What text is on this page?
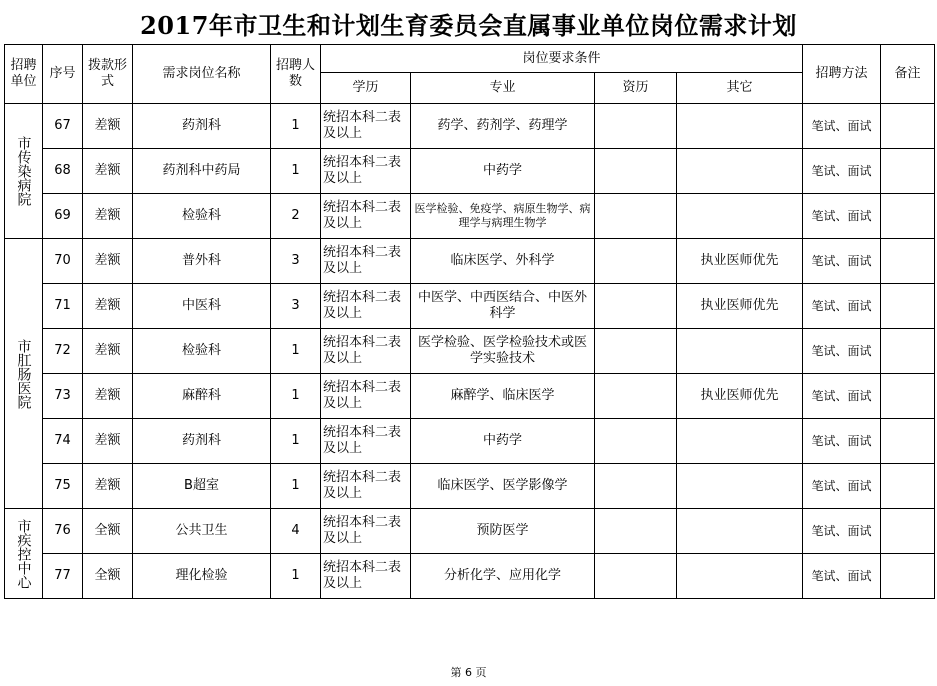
2017年市卫生和计划生育委员会直属事业单位岗位需求计划
招聘单位	序号	拨款形式	需求岗位名称	招聘人数	岗位要求条件				招聘方法	备注
					学历	专业	资历	其它		
市传染病院	67	差额	药剂科	1	统招本科二表及以上	药学、药剂学、药理学			笔试、面试	
	68	差额	药剂科中药局	1	统招本科二表及以上	中药学			笔试、面试	
	69	差额	检验科	2	统招本科二表及以上	医学检验、免疫学、病原生物学、病理学与病理生物学			笔试、面试	
市肛肠医院	70	差额	普外科	3	统招本科二表及以上	临床医学、外科学		执业医师优先	笔试、面试	
	71	差额	中医科	3	统招本科二表及以上	中医学、中西医结合、中医外科学		执业医师优先	笔试、面试	
	72	差额	检验科	1	统招本科二表及以上	医学检验、医学检验技术或医学实验技术			笔试、面试	
	73	差额	麻醉科	1	统招本科二表及以上	麻醉学、临床医学		执业医师优先	笔试、面试	
	74	差额	药剂科	1	统招本科二表及以上	中药学			笔试、面试	
	75	差额	B超室	1	统招本科二表及以上	临床医学、医学影像学			笔试、面试	
市疾控中心	76	全额	公共卫生	4	统招本科二表及以上	预防医学			笔试、面试	
	77	全额	理化检验	1	统招本科二表及以上	分析化学、应用化学			笔试、面试	
第 6 页
